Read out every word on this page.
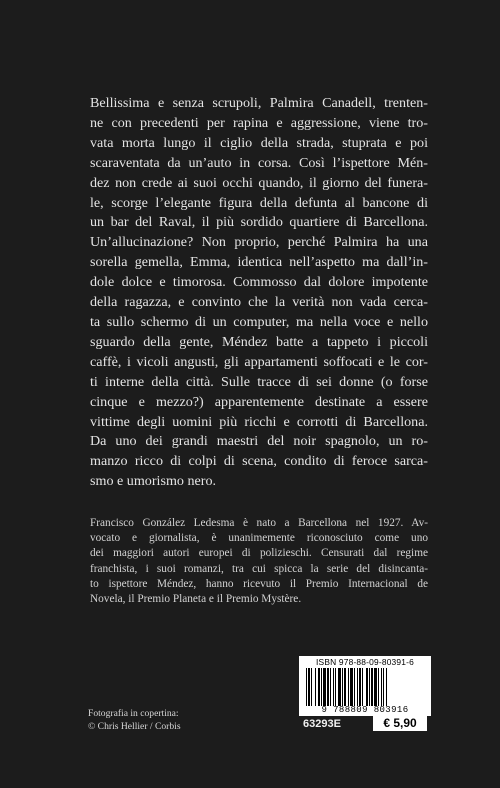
Bellissima e senza scrupoli, Palmira Canadell, trenten-
ne con precedenti per rapina e aggressione, viene tro-
vata morta lungo il ciglio della strada, stuprata e poi
scaraventata da un’auto in corsa. Così l’ispettore Mén-
dez non crede ai suoi occhi quando, il giorno del funera-
le, scorge l’elegante figura della defunta al bancone di
un bar del Raval, il più sordido quartiere di Barcellona.
Un’allucinazione? Non proprio, perché Palmira ha una
sorella gemella, Emma, identica nell’aspetto ma dall’in-
dole dolce e timorosa. Commosso dal dolore impotente
della ragazza, e convinto che la verità non vada cerca-
ta sullo schermo di un computer, ma nella voce e nello
sguardo della gente, Méndez batte a tappeto i piccoli
caffè, i vicoli angusti, gli appartamenti soffocati e le cor-
ti interne della città. Sulle tracce di sei donne (o forse
cinque e mezzo?) apparentemente destinate a essere
vittime degli uomini più ricchi e corrotti di Barcellona.
Da uno dei grandi maestri del noir spagnolo, un ro-
manzo ricco di colpi di scena, condito di feroce sarca-
smo e umorismo nero.
Francisco González Ledesma è nato a Barcellona nel 1927. Av-
vocato e giornalista, è unanimemente riconosciuto come uno
dei maggiori autori europei di polizieschi. Censurati dal regime
franchista, i suoi romanzi, tra cui spicca la serie del disincanta-
to ispettore Méndez, hanno ricevuto il Premio Internacional de
Novela, il Premio Planeta e il Premio Mystère.
Fotografia in copertina:
© Chris Hellier / Corbis
ISBN 978-88-09-80391-6
9 788809 803916
63293E	€ 5,90
